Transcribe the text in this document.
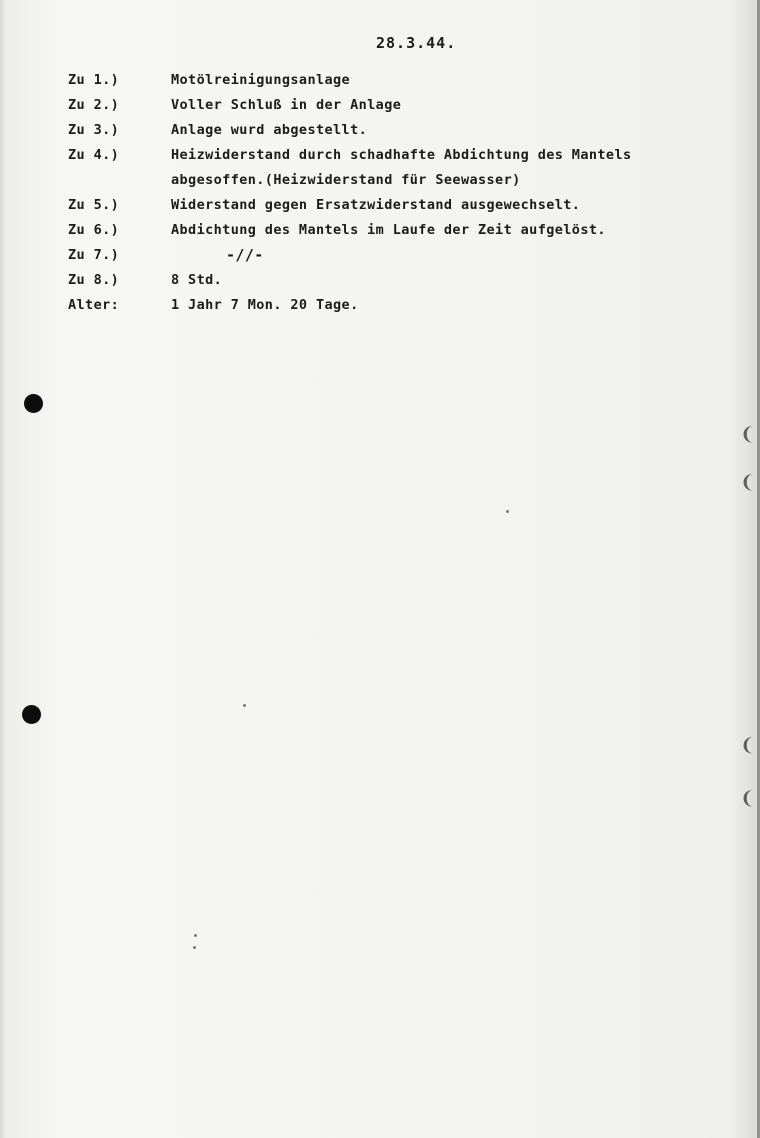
28.3.44.
Zu 1.)	Motölreinigungsanlage
Zu 2.)	Voller Schluß in der Anlage
Zu 3.)	Anlage wurd abgestellt.
Zu 4.)	Heizwiderstand durch schadhafte Abdichtung des Mantels
abgesoffen.(Heizwiderstand für Seewasser)
Zu 5.)	Widerstand gegen Ersatzwiderstand ausgewechselt.
Zu 6.)	Abdichtung des Mantels im Laufe der Zeit aufgelöst.
Zu 7.)	-//-
Zu 8.)	8 Std.
Alter:	1 Jahr 7 Mon. 20 Tage.
❨
❨
❨
❨
